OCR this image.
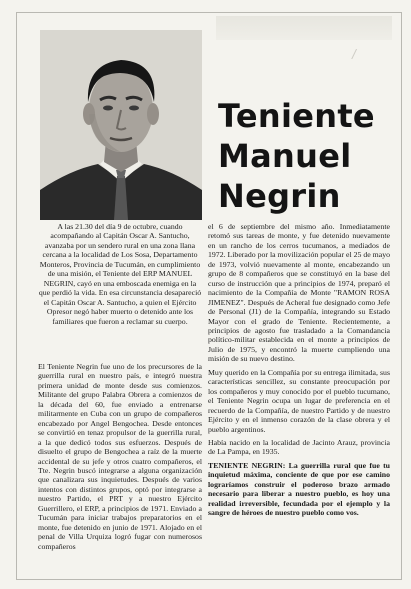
/
Teniente
Manuel
Negrin

A las 21.30 del día 9 de octubre, cuando acompañando al Capitán Oscar A. Santucho, avanzaba por un sendero rural en una zona llana cercana a la localidad de Los Sosa, Departamento Monteros, Provincia de Tucumán, en cumplimiento de una misión, el Teniente del ERP MANUEL NEGRIN, cayó en una emboscada enemiga en la que perdió la vida. En esa circunstancia desapareció el Capitán Oscar A. Santucho, a quien el Ejército Opresor negó haber muerto o detenido ante los familiares que fueron a reclamar su cuerpo.

El Teniente Negrin fue uno de los precursores de la guerrilla rural en nuestro país, e integró nuestra primera unidad de monte desde sus comienzos. Militante del grupo Palabra Obrera a comienzos de la década del 60, fue enviado a entrenarse militarmente en Cuba con un grupo de compañeros encabezado por Angel Bengochea. Desde entonces se convirtió en tenaz propulsor de la guerrilla rural, a la que dedicó todos sus esfuerzos. Después de disuelto el grupo de Bengochea a raíz de la muerte accidental de su jefe y otros cuatro compañeros, el Tte. Negrin buscó integrarse a alguna organización que canalizara sus inquietudes. Después de varios intentos con distintos grupos, optó por integrarse a nuestro Partido, el PRT y a nuestro Ejército Guerrillero, el ERP, a principios de 1971. Enviado a Tucumán para iniciar trabajos preparatorios en el monte, fue detenido en junio de 1971. Alojado en el penal de Villa Urquiza logró fugar con numerosos compañeros

el 6 de septiembre del mismo año. Inmediatamente retomó sus tareas de monte, y fue detenido nuevamente en un rancho de los cerros tucumanos, a mediados de 1972. Liberado por la movilización popular el 25 de mayo de 1973, volvió nuevamente al monte, encabezando un grupo de 8 compañeros que se constituyó en la base del curso de instrucción que a principios de 1974, preparó el nacimiento de la Compañía de Monte "RAMON ROSA JIMENEZ". Después de Acheral fue designado como Jefe de Personal (J1) de la Compañía, integrando su Estado Mayor con el grado de Teniente. Recientemente, a principios de agosto fue trasladado a la Comandancia político-militar establecida en el monte a principios de Julio de 1975, y encontró la muerte cumpliendo una misión de su nuevo destino.

Muy querido en la Compañía por su entrega ilimitada, sus características sencillez, su constante preocupación por los compañeros y muy conocido por el pueblo tucumano, el Teniente Negrin ocupa un lugar de preferencia en el recuerdo de la Compañía, de nuestro Partido y de nuestro Ejército y en el inmenso corazón de la clase obrera y el pueblo argentinos.

Había nacido en la localidad de Jacinto Arauz, provincia de La Pampa, en 1935.

TENIENTE NEGRIN: La guerrilla rural que fue tu inquietud máxima, conciente de que por ese camino lograríamos construir el poderoso brazo armado necesario para liberar a nuestro pueblo, es hoy una realidad irreversible, fecundada por el ejemplo y la sangre de héroes de nuestro pueblo como vos.
